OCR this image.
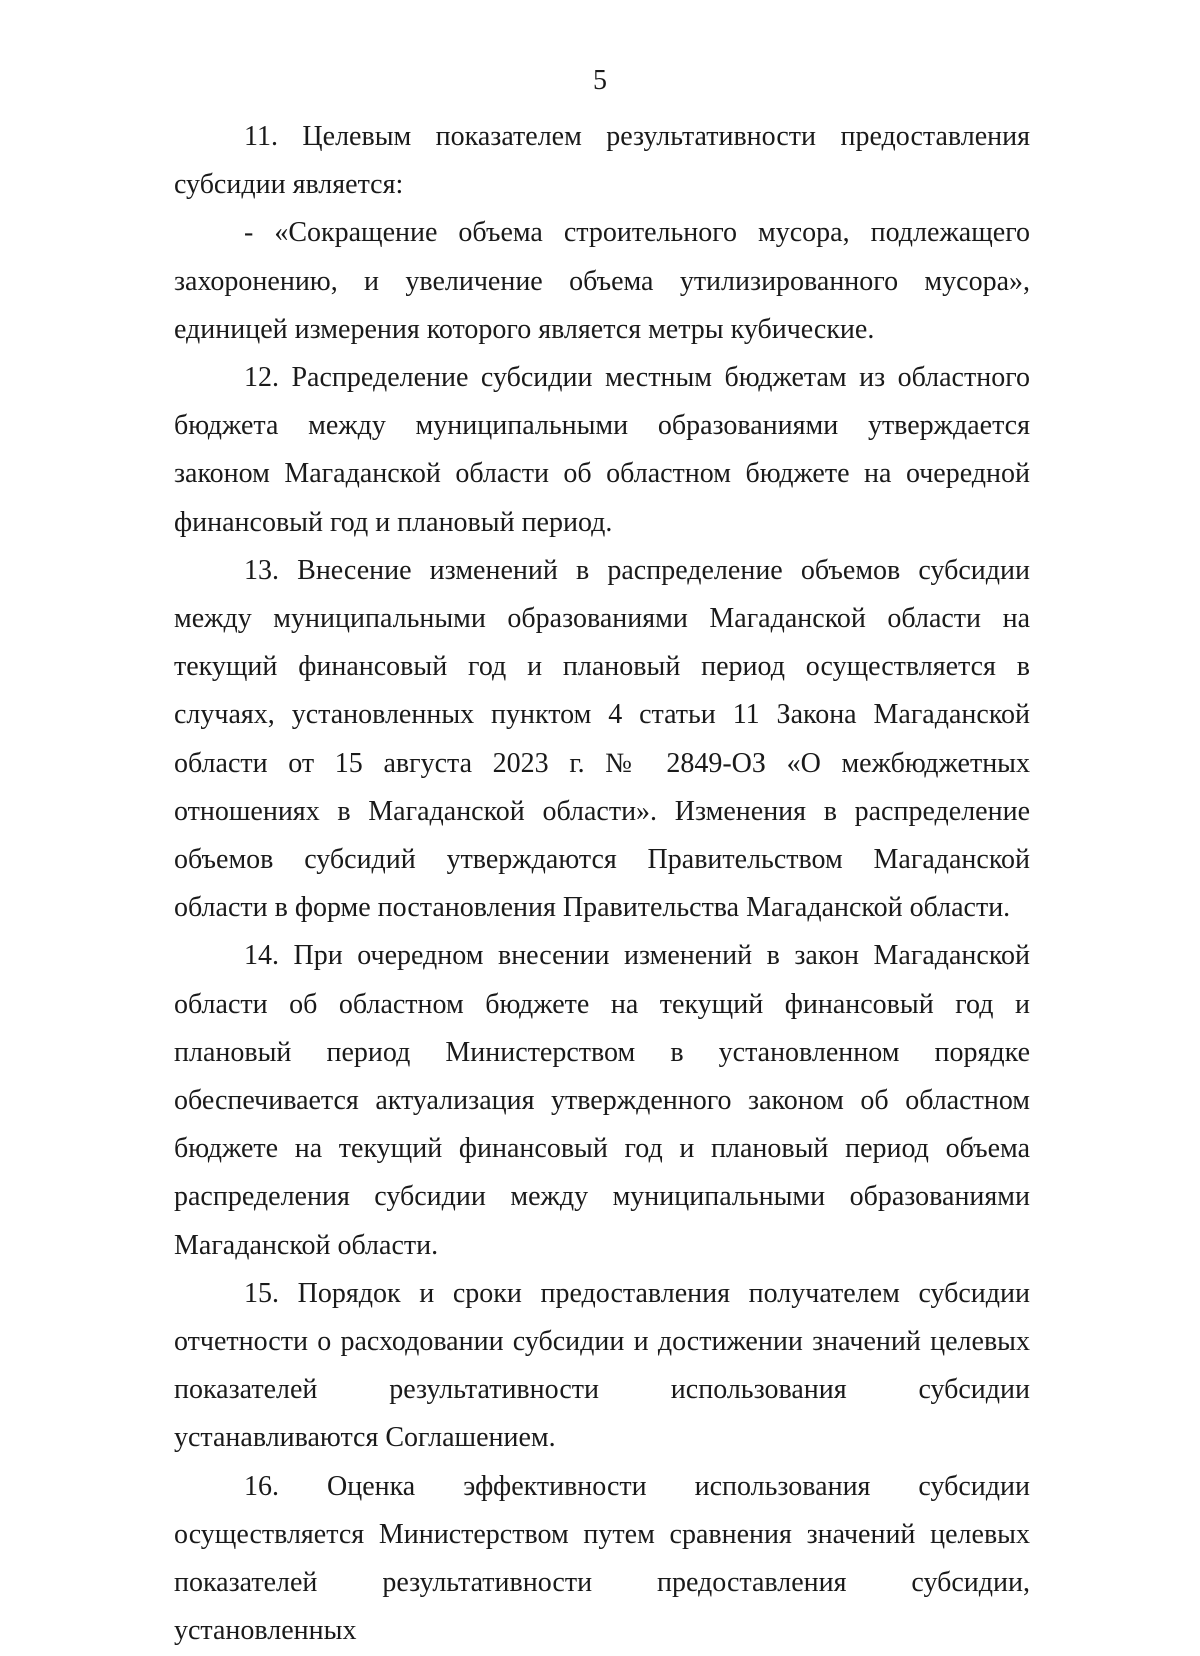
5

11. Целевым показателем результативности предоставления субсидии является:

- «Сокращение объема строительного мусора, подлежащего захоронению, и увеличение объема утилизированного мусора», единицей измерения которого является метры кубические.

12. Распределение субсидии местным бюджетам из областного бюджета между муниципальными образованиями утверждается законом Магаданской области об областном бюджете на очередной финансовый год и плановый период.

13. Внесение изменений в распределение объемов субсидии между муниципальными образованиями Магаданской области на текущий финансовый год и плановый период осуществляется в случаях, установленных пунктом 4 статьи 11 Закона Магаданской области от 15 августа 2023 г. № 2849-ОЗ «О межбюджетных отношениях в Магаданской области». Изменения в распределение объемов субсидий утверждаются Правительством Магаданской области в форме постановления Правительства Магаданской области.

14. При очередном внесении изменений в закон Магаданской области об областном бюджете на текущий финансовый год и плановый период Министерством в установленном порядке обеспечивается актуализация утвержденного законом об областном бюджете на текущий финансовый год и плановый период объема распределения субсидии между муниципальными образованиями Магаданской области.

15. Порядок и сроки предоставления получателем субсидии отчетности о расходовании субсидии и достижении значений целевых показателей результативности использования субсидии устанавливаются Соглашением.

16. Оценка эффективности использования субсидии осуществляется Министерством путем сравнения значений целевых показателей результативности предоставления субсидии, установленных
